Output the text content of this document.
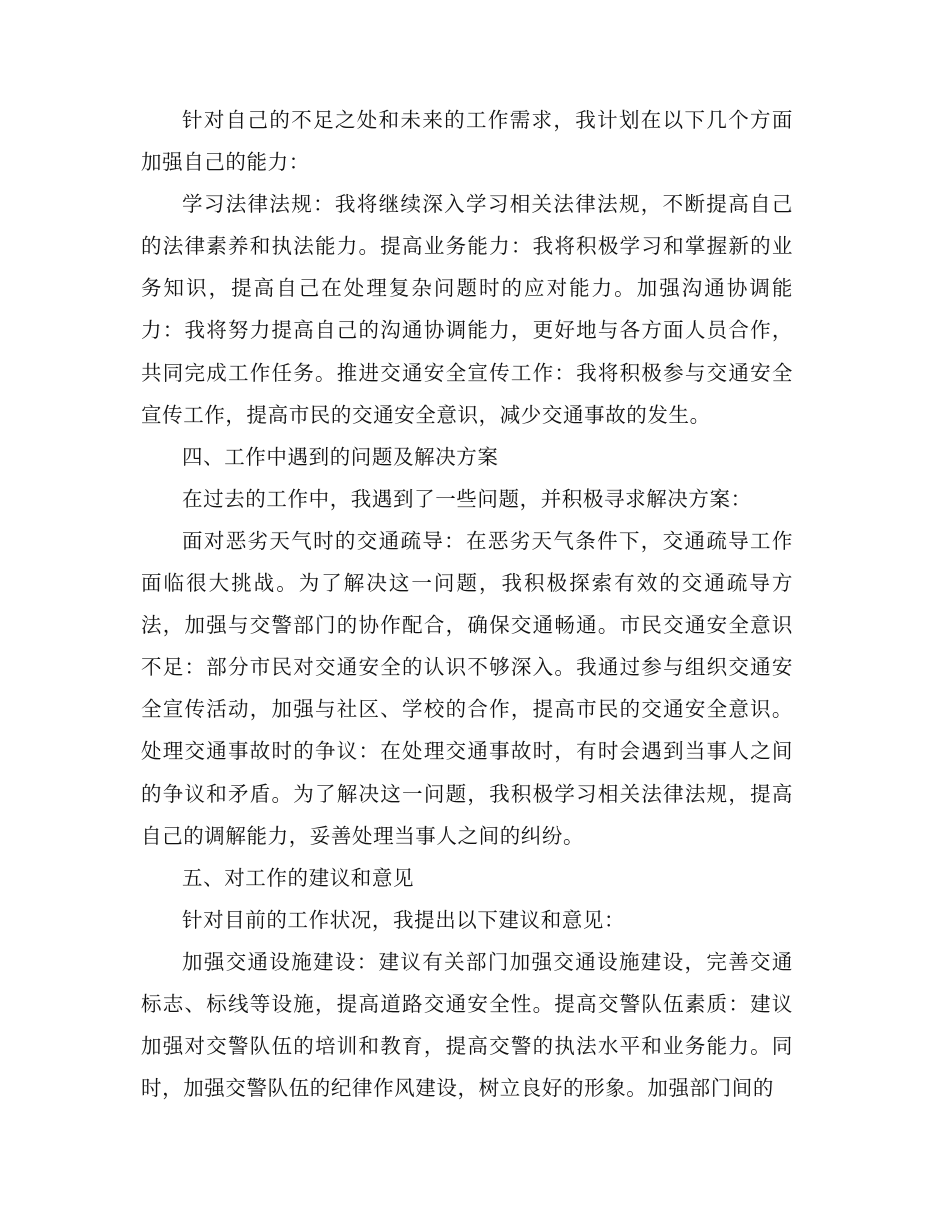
针对自己的不足之处和未来的工作需求，我计划在以下几个方面加强自己的能力：

学习法律法规：我将继续深入学习相关法律法规，不断提高自己的法律素养和执法能力。提高业务能力：我将积极学习和掌握新的业务知识，提高自己在处理复杂问题时的应对能力。加强沟通协调能力：我将努力提高自己的沟通协调能力，更好地与各方面人员合作，共同完成工作任务。推进交通安全宣传工作：我将积极参与交通安全宣传工作，提高市民的交通安全意识，减少交通事故的发生。

四、工作中遇到的问题及解决方案

在过去的工作中，我遇到了一些问题，并积极寻求解决方案：

面对恶劣天气时的交通疏导：在恶劣天气条件下，交通疏导工作面临很大挑战。为了解决这一问题，我积极探索有效的交通疏导方法，加强与交警部门的协作配合，确保交通畅通。市民交通安全意识不足：部分市民对交通安全的认识不够深入。我通过参与组织交通安全宣传活动，加强与社区、学校的合作，提高市民的交通安全意识。处理交通事故时的争议：在处理交通事故时，有时会遇到当事人之间的争议和矛盾。为了解决这一问题，我积极学习相关法律法规，提高自己的调解能力，妥善处理当事人之间的纠纷。

五、对工作的建议和意见

针对目前的工作状况，我提出以下建议和意见：

加强交通设施建设：建议有关部门加强交通设施建设，完善交通标志、标线等设施，提高道路交通安全性。提高交警队伍素质：建议加强对交警队伍的培训和教育，提高交警的执法水平和业务能力。同时，加强交警队伍的纪律作风建设，树立良好的形象。加强部门间的
